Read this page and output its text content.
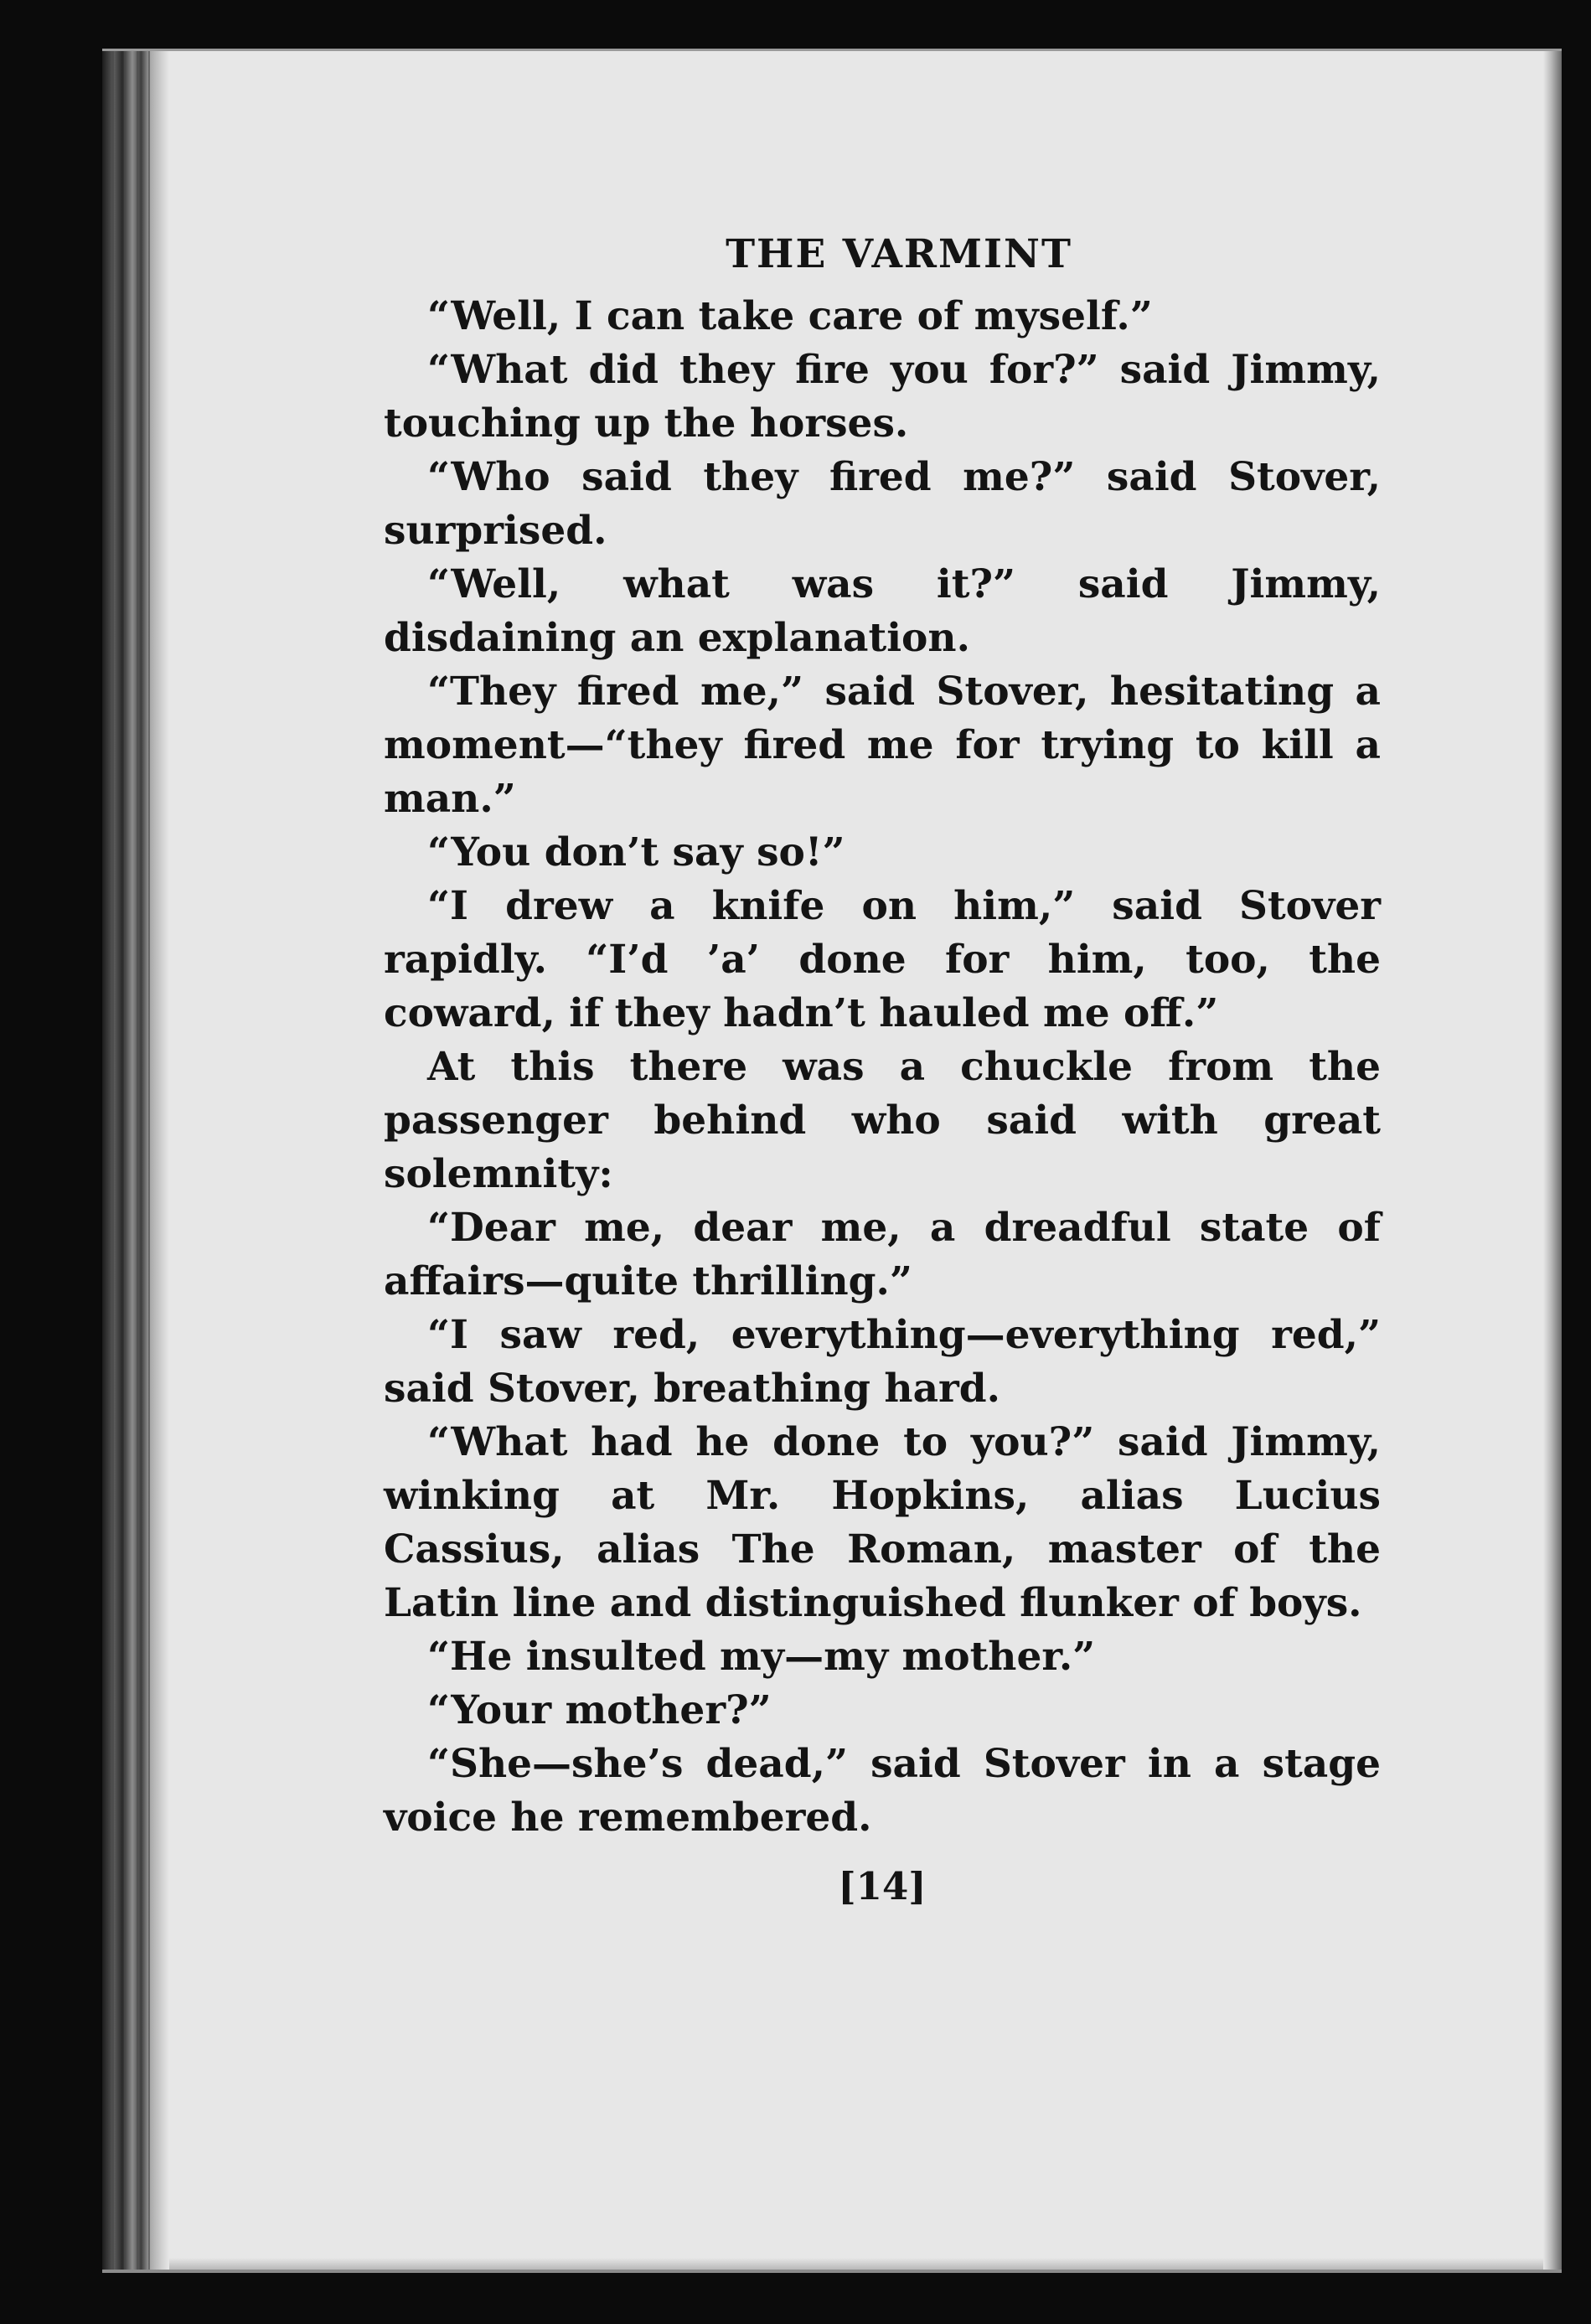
THE VARMINT

“Well, I can take care of myself.”

“What did they fire you for?” said Jimmy, touching up the horses.

“Who said they fired me?” said Stover, surprised.

“Well, what was it?” said Jimmy, disdaining an explanation.

“They fired me,” said Stover, hesitating a moment—“they fired me for trying to kill a man.”

“You don’t say so!”

“I drew a knife on him,” said Stover rapidly. “I’d ’a’ done for him, too, the coward, if they hadn’t hauled me off.”

At this there was a chuckle from the passenger behind who said with great solemnity:

“Dear me, dear me, a dreadful state of affairs—quite thrilling.”

“I saw red, everything—everything red,” said Stover, breathing hard.

“What had he done to you?” said Jimmy, winking at Mr. Hopkins, alias Lucius Cassius, alias The Roman, master of the Latin line and distinguished flunker of boys.

“He insulted my—my mother.”

“Your mother?”

“She—she’s dead,” said Stover in a stage voice he remembered.

[14]
